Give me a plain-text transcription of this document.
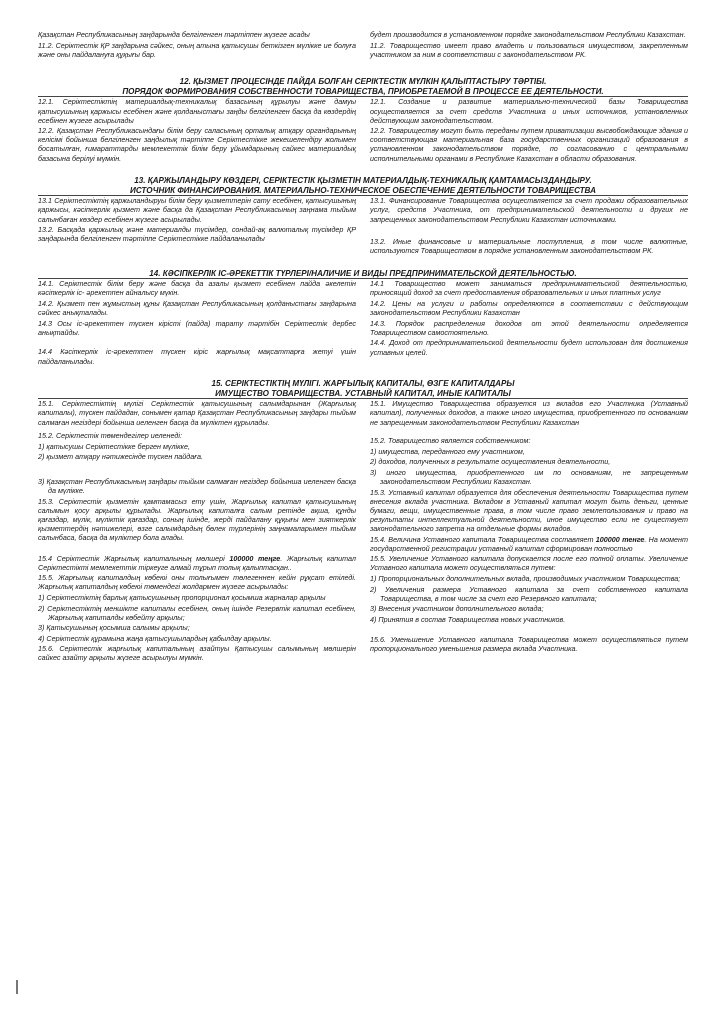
Қазақстан Республикасының заңдарында белгіленген тәртіппен жүзеге асады

11.2. Серіктестік ҚР заңдарына сәйкес, оның атына қатысушы беткізген мүлікке ие болуға және оны пайдалануға құқығы бар.

будет производится в установленном порядке законодательством Республики Казахстан.

11.2. Товарищество имеет право владеть и пользоваться имуществом, закрепленным участником за ним в соответствии с законодательством РК.

12. ҚЫЗМЕТ ПРОЦЕСІНДЕ ПАЙДА БОЛҒАН СЕРІКТЕСТІК МҮЛКІН ҚАЛЫПТАСТЫРУ ТӘРТІБІ.

ПОРЯДОК ФОРМИРОВАНИЯ СОБСТВЕННОСТИ ТОВАРИЩЕСТВА, ПРИОБРЕТАЕМОЙ В ПРОЦЕССЕ ЕЕ ДЕЯТЕЛЬНОСТИ.

12.1. Серіктестіктің материалдық-техникалық базасының құрылуы және дамуы қатысушының қаржысы есебінен және қолданыстағы заңды белгіленген басқа да көздердің есебінен жүзеге асырылады

12.2. Қазақстан Республикасындағы білім беру саласының орталық атқару органдарының келісімі бойынша белгіленген заңдылық тәртіппе Серіктестікке жекешелендіру жолымен босатылған, ғимараттарды мемлекеттік білім беру ұйымдарының сайкес материалдық базасына берілуі мүмкін.

12.1. Создание и развитие материально-технической базы Товарищества осуществляется за счет средств Участника и иных источников, установленных действующим законодательством.

12.2. Товариществу могут быть переданы путем приватизации высвобождающие здания и соответствующая материальная база государственных организаций образования в установленном законодательством порядке, по согласованию с центральными исполнительными органами в Республике Казахстан в области образования.

13. ҚАРЖЫЛАНДЫРУ КӨЗДЕРІ, СЕРІКТЕСТІК ҚЫЗМЕТІН МАТЕРИАЛДЫҚ-ТЕХНИКАЛЫҚ ҚАМТАМАСЫЗДАНДЫРУ.

ИСТОЧНИК ФИНАНСИРОВАНИЯ. МАТЕРИАЛЬНО-ТЕХНИЧЕСКОЕ ОБЕСПЕЧЕНИЕ ДЕЯТЕЛЬНОСТИ ТОВАРИЩЕСТВА

13.1 Серіктестіктің қаржыландыруы білім беру қызметтерін сату есебінен, қатысушының қаржысы, кәсіпкерлік қызмет және басқа да Қазақстан Республикасының заңнама тыйым салынбаған көздер есебінен жүзеге асырылады.

13.2. Басқада қаржылық және материалды түсімдер, сондай-ақ валюталық түсімдер ҚР заңдарында белгіленген тәртіппе Серіктестікке пайдаланылады

13.1. Финансирование Товарищества осуществляется за счет продажи образовательных услуг, средств Участника, от предпринимательской деятельности и других не запрещенных законодательством Республики Казахстан источниками.

13.2. Иные финансовые и материальные поступления, в том числе валютные, используются Товариществом в порядке установленным законодательством РК.

14. КӘСІПКЕРЛІК ІС-ӘРЕКЕТТІК ТҮРЛЕРІ/НАЛИЧИЕ И ВИДЫ ПРЕДПРИНИМАТЕЛЬСКОЙ ДЕЯТЕЛЬНОСТЬЮ.

14.1. Серіктестік білім беру және басқа да азалы қызмет есебінен пайда әкелетін кәсіпкерлік іс- әрекетпен айналысу мүкін.

14.2. Қызмет пен жұмыстың құны Қазақстан Республикасының қолданыстағы заңдарына сәйкес анықталады.

14.3 Осы іс-әрекеттен түскен кірісті (пайда) тарату тәртібін Серіктестік дербес анықтайды.

14.4 Кәсіпкерлік іс-әрекеттен түскен кіріс жарғылық мақсаттарға жетуі үшін пайдаланылады.

14.1 Товарищество может заниматься предпринимательской деятельностью, приносящий доход за счет предоставления образовательных и иных платных услуг

14.2. Цены на услуги и работы определяются в соответствии с действующим законодательством Республики Казахстан

14.3. Порядок распределения доходов от этой деятельности определяется Товариществом самостоятельно.

14.4. Доход от предпринимательской деятельности будет использован для достижения уставных целей.

15. СЕРІКТЕСТІКТІҢ МҮЛІГІ. ЖАРҒЫЛЫҚ КАПИТАЛЫ, ӨЗГЕ КАПИТАЛДАРЫ

ИМУЩЕСТВО ТОВАРИЩЕСТВА. УСТАВНЫЙ КАПИТАЛ, ИНЫЕ КАПИТАЛЫ

15.1. Серіктестіктің мүлігі Серіктестік қатысушының салымдарынан (Жарғылық капиталы), түскен пайдадан, сонымен қатар Қазақстан Республикасының заңдары тыйым салмаған негіздері бойынша иеленген басқа да мүліктен құрылады.

15.2. Серіктестік төмендегілер иеленеді:

1) қатысушы Серіктестікке берген мүлікке,
2) қызмет атқару нәтижесінде түскен пайдаға.
3) Қазақстан Республикасының заңдары тыйым салмаған негіздер бойынша иеленген басқа да мүлікке.

15.3. Серіктестік қызметін қамтамасыз ету үшін, Жарғылық капитал қатысушының салымын қосу арқылы құрылады. Жарғылық капиталға салым ретінде ақша, құнды қағаздар, мүлік, мүліктік қағаздар, соның ішінде, жерді пайдалану құқығы мен зияткерлік қызметтердің нәтижелері, өзге салымдардың бөлек түрлерінің заңнамаларымен тыйым салынбаса, басқа да мүліктер бола алады.

15.4 Серіктестік Жарғылық капиталының мөлшері 100000 теңге. Жарғылық капитал Серіктестікті мемлекеттік тіркеуге алмай тұрып толық қалыптасқан..

15.5. Жарғылық капиталдың көбеюі оны толығымен төлегеннен кейін рұқсат етіледі. Жарғылық капиталдың көбеюі төмендегі жолдармен жүзеге асырылады:

1) Серіктестіктің барлық қатысушының пропорционал қосымша жарналар арқылы
2) Серіктестіктің меншікте капиталы есебінен, оның ішінде Резервтік капитал есебінен, Жарғылық капиталды көбейту арқылы;
3) Қатысушының қосымша салымы арқылы;
4) Серіктестік құрамына жаңа қатысушылардың қабылдау арқылы.

15.6. Серіктестік жарғылық капиталының азайтуы Қатысушы салымының мөлшерін сайкес азайту арқылы жүзеге асырылуы мүмкін.

15.1. Имущество Товарищества образуется из вкладов его Участника (Уставный капитал), полученных доходов, а также иного имущества, приобретенного по основаниям не запрещенным законодательством Республики Казахстан

15.2. Товарищество является собственником:

1) имущества, переданного ему участником,
2) доходов, полученных в результате осуществления деятельности,
3) иного имущества, приобретенного им по основаниям, не запрещенным законодательством Республики Казахстан.

15.3. Уставный капитал образуется для обеспечения деятельности Товарищества путем внесения вклада участника. Вкладом в Уставный капитал могут быть деньги, ценные бумаги, вещи, имущественные права, в том числе право землепользования и право на результаты интеллектуальной деятельности, иное имущество если не существует законодательного запрета на отдельные формы вкладов.

15.4. Величина Уставного капитала Товарищества составляет 100000 тенге. На момент государственной регистрации уставный капитал сформирован полностью

15.5. Увеличение Уставного капитала допускается после его полной оплаты. Увеличение Уставного капитала может осуществляться путем:

1) Пропорциональных дополнительных вклада, производимых участником Товарищества;
2) Увеличения размера Уставного капитала за счет собственного капитала Товарищества, в том числе за счет его Резервного капитала;
3) Внесения участником дополнительного вклада;
4) Принятия в состав Товарищества новых участников.

15.6. Уменьшение Уставного капитала Товарищества может осуществляться путем пропорционального уменьшения размера вклада Участника.
